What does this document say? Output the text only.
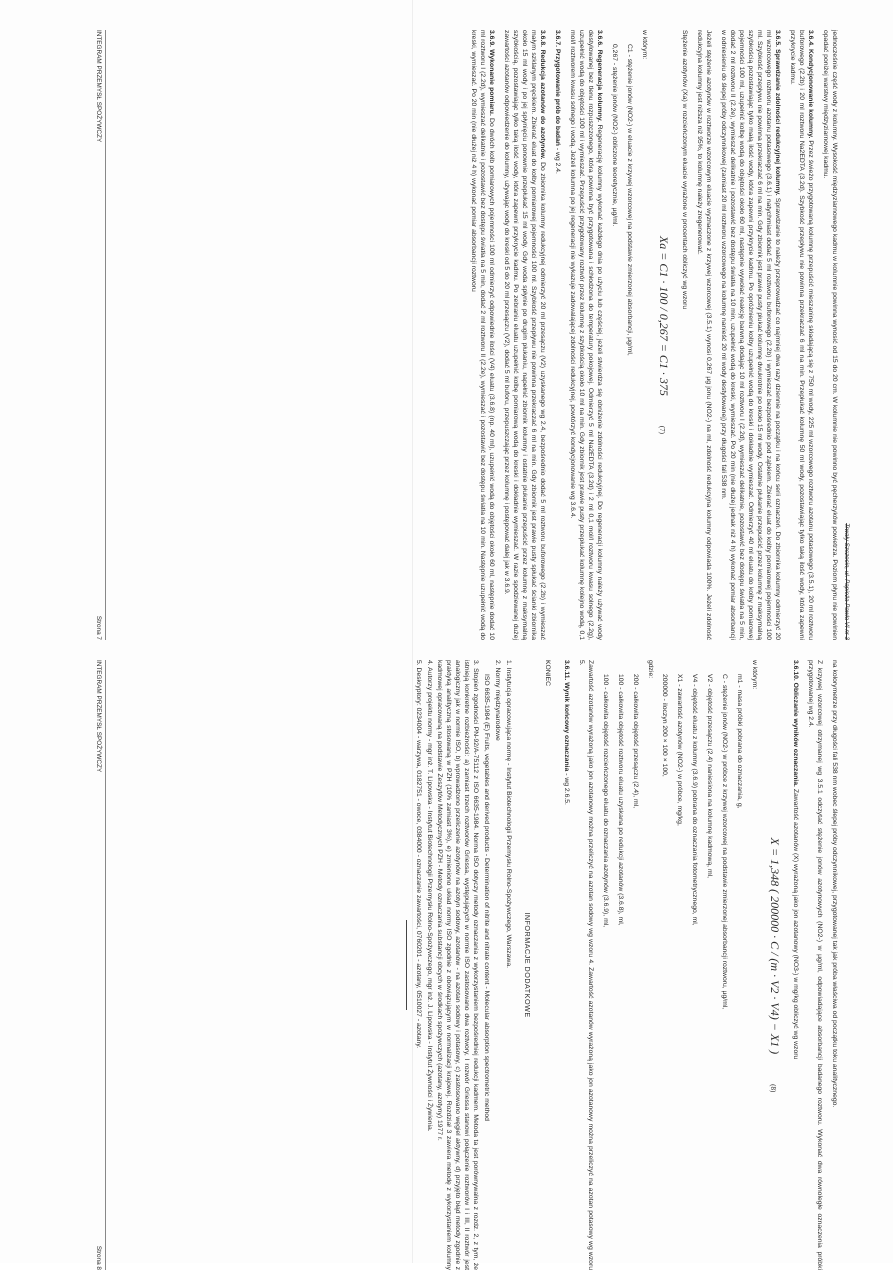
Trwały Szczecin, ul. Papieża Pawła VI nr 3

jednocześnie część wody z kolumny. Wysokość międzyziarnowego kadmu w kolumnie powinna wynosić od 15 do 20 cm. W kolumnie nie powinno być pęcherzyków powietrza. Poziom płynu nie powinien opadać poniżej warstwy międzyziarnowej kadmu.

3.6.4. Kondycjonowanie kolumny. Przez świeżo przygotowaną kolumnę przepuścić mieszaninę składającą się z 750 ml wody, 225 ml wzorcowego roztworu azotanu potasowego (3.5.1), 20 ml roztworu buforowego (2.2b) i 20 ml roztworu Na2EDTA (3.2d). Szybkość przepływu nie powinna przekraczać 6 ml na min. Przepłukać kolumnę 50 ml wody, pozostawiając tylko taką ilość wody, która zapewni przykrycie kadmu.

3.6.5. Sprawdzanie zdolności redukcyjnej kolumny. Sprawdzanie to należy przeprowadzać co najmniej dwa razy dziennie na początku i na końcu serii oznaczeń. Do zbiornika kolumny odmierzyć 20 ml wzorcowego roztworu azotanu potasowego (3.6.1) i natychmiast dodać 5 ml roztworu buforowego (2.2b) i wymieszać bezpośrednio pod ząbkiem. Zbierać eluat do kolby pomiarowej pojemności 100 ml. Szybkość przepływu nie powinna przekraczać 6 ml na min. Gdy zbiornik jest prawie pusty płukać kolumnę dwukrotnie po około 15 ml wody. Ostatnie płukanie przepuścić przez kolumnę z maksymalną szybkością pozostawiając tylko małą ilość wody, która zapewni przykrycie kadmu. Po opróżnieniu kolby uzupełnić wodą do kreski i dokładnie wymieszać. Odmierzyć 40 ml eluatu do kolby pomiarowej pojemności 100 ml, uzupełnić kolbę wodą do objętości około 60 ml, następnie wywołać reakcję barwną dodając 10 ml roztworu I (2.2d), wymieszać delikatnie, pozostawić bez dostępu światła na 5 min, dodać 2 ml roztworu II (2.2e), wymieszać delikatnie i pozostawić bez dostępu światła na 10 min, uzupełnić wodą do kreski, wymieszać. Po 20 min (nie dłużej jednak niż 4 h) wykonać pomiar absorbancji w odniesieniu do ślepej próby odczynnikowej (zamiast 20 ml roztworu wzorcowego na kolumnę nanieść 20 ml wody destylowanej) przy długości fali 538 nm.

Jeżeli stężenie azotynów w roztworze wzorcowym eluacie wyznaczone z krzywej wzorcowej (3.5.1) wynosi 0,267 µg jonu (NO2-) na ml, zdolność redukcyjna kolumny odpowiada 100%. Jeżeli zdolność redukcyjna kolumny jest niższa niż 95%, to kolumnę należy zregenerować.

Stężenie azotynów (Xa) w rozcieńczonym eluacie wyrażone w procentach obliczyć wg wzoru

Xa = C1 · 100 / 0,267 = C1 · 375(7)

w którym:

C1 - stężenie jonów (NO2-) w eluacie z krzywej wzorcowej na podstawie zmierzonej absorbancji, µg/ml,

0,267 - stężenie jonów (NO2-) obliczone teoretycznie, µg/ml.

3.6.6. Regeneracja kolumny. Regenerację kolumny wykonać każdego dnia po użyciu lub częściej, jeżeli stwierdza się obniżenie zdolności redukcyjnej. Do regeneracji kolumny należy używać wody destylowanej bez tlenu rozpuszczonego, która powinna być przygotowana i schłodzona do temperatury pokojowej. Odmierzyć 5 ml Na2EDTA (3.2d) i 2 ml 0,1 mol/l roztworu kwasu solnego (2.2g), uzupełnić wodą do objętości 100 ml i wymieszać. Przepuścić przygotowany roztwór przez kolumnę z szybkością około 10 ml na min. Gdy zbiornik jest prawie pusty przepłukać kolumnę kolejno wodą, 0,1 mol/l roztworem kwasu solnego i wodą. Jeżeli kolumna po jej regeneracji nie wykazuje zadowalającej zdolności redukcyjnej, powtórzyć kondycjonowanie wg 3.6.4.

3.6.7. Przygotowanie prób do badań - wg 2.4.

3.6.8. Redukcja azotanów do azotynów. Do zbiornika kolumny redukcyjnej odmierzyć 20 ml przesączu (V2) uzyskanego wg 2.4, bezpośrednio dodać 5 ml roztworu buforowego (2.2b) i wymieszać małym szklanym pręcikiem. Zbierać eluat do kolby pomiarowej pojemności 100 ml. Szybkość przepływu nie powinna przekraczać 6 ml na min. Gdy zbiornik jest prawie pusty spłukać ścianki zbiornika około 15 ml wody i po jej spłynięciu ponownie przepłukać 15 ml wody. Gdy woda spłynie po drugim płukaniu, napełnić zbiornik kolumny i ostatnie płukanie przepuścić przez kolumnę z maksymalną szybkością, pozostawiając tylko taką ilość wody, która zapewni przykrycie kadmu. Po zebraniu eluatu uzupełnić kolbę pomiarową wodą do kreski i dokładnie wymieszać. W razie spodziewanej dużej zawartości azotanów odpowiedzenie do kolumny, używając wody do kreski od 5 do 20 ml przesączu (V2), dodać 5 ml buforu, przepuszczając przez kolumnę i postępować dalej jak w 3.6.9.

3.6.9. Wykonanie pomiaru. Do dwóch kolb pomiarowych pojemności 100 ml odmierzyć odpowiednie ilości (V4) eluatu (3.6.8) (np. 40 ml), uzupełnić wodą do objętości około 60 ml, następnie dodać 10 ml roztworu I (2.2d), wymieszać delikatnie i pozostawić bez dostępu światła na 5 min, dodać 2 ml roztworu II (2.2e), wymieszać i pozostawić bez dostępu światła na 10 min. Następnie uzupełnić wodą do kreski, wymieszać. Po 20 min (nie dłużej niż 4 h) wykonać pomiar absorbancji roztworu

INTEGRAM PRZEMYSŁ SPOŻYWCZY
Strona 7

na kolorymetrze przy długości fali 538 nm wobec ślepej próby odczynnikowej, przygotowanej tak jak próba właściwa od początku toku analitycznego.

Z krzywej wzorcowej otrzymanej wg 3.5.1 odczytać stężenie jonów azotynowych (NO2-) w µg/ml, odpowiadające absorbancji badanego roztworu. Wykonać dwa równoległe oznaczenia próbki przygotowanej wg 2.4.

3.6.10. Obliczanie wyników oznaczania. Zawartość azotanów (X) wyrażoną jako jon azotanowy (NO3-) w mg/kg obliczyć wg wzoru

X = 1,348 ( 200000 · C / (m · V2 · V4) − X1 )(8)

w którym:

m1 - masa próbki pobrana do oznaczania, g,

C - stężenie jonów (NO2-) w próbce z krzywej wzorcowej na podstawie zmierzonej absorbancji roztworu, µg/ml,

V2 - objętość przesączu (2.4) naniesiona na kolumnę kadmową, ml,

V4 - objętość eluatu z kolumny (3.6.9) pobrana do oznaczania fotometrycznego, ml,

X1 - zawartość azotynów (NO2-) w próbce, mg/kg,

200000 - iloczyn 200 × 100 × 100,

gdzie:

200 - całkowita objętość przesączu (2.4), ml,

100 - całkowita objętość roztworu eluatu uzyskana po redukcji azotanów (3.6.8), ml,

100 - całkowita objętość rozcieńczonego eluatu do oznaczania azotynów (3.6.9), ml,

Zawartość azotanów wyrażoną jako jon azotanowy można przeliczyć na azotan sodowy wg wzoru 4. Zawartość azotanów wyrażoną jako jon azotanowy można przeliczyć na azotan potasowy wg wzoru 5.

3.6.11. Wynik końcowy oznaczania - wg 2.6.5.

KONIEC

INFORMACJE DODATKOWE

1. Instytucja opracowująca normę - Instytut Biotechnologii Przemysłu Rolno-Spożywczego, Warszawa.

2. Normy międzynarodowe

ISO 6635-1984 (E) Fruits, vegetables and derived products - Determination of nitrite and nitrate content - Molecular absorption spectrometric method

3. Stopień zgodności PN-92/A-75112 z ISO 6635-1984. Norma ISO dotyczy metody oznaczania z wykorzystaniem bezpośredniej redukcji kadmem. Metoda ta jest porównywalna z rozdz. 2, z tym, że istnieją konkretne rozbieżności: a) zamiast trzech roztworów Griessa, występujących w normie ISO zastosowano dwa roztwory, I rozwór Griessa stanowi połączenie roztworów I i III, II roztwór jest analogiczny jak w normie ISO, b) wprowadzono przeliczenie azotynów na azotyn sodowy, azotanów - na azotan sodowy i potasowy, c) zastosowano węgiel aktywny, d) przyjęto błąd metody zgodnie z praktyką analityczną stosowaną w PZH (10% zamiast 3%), e) zmieniono układ normy ISO zgodnie z obowiązującym w normalizacji krajowej. Rozdział 3 zawiera metodę z wykorzystaniem kolumny kadmowej opracowaną na podstawie Zeszytów Metodycznych PZH - Metody oznaczania substancji obcych w środkach spożywczych (azotany, azotyny) 1977 r.

4. Autorzy projektu normy - mgr inż. T. Lipowska - Instytut Biotechnologii Przemysłu Rolno-Spożywczego, mgr inż. J. Lipowska - Instytut Żywności i Żywienia.

5. Deskryptory: 0234004 - warzywa, 0182751 - owoce, 0384000 - oznaczanie zawartości, 0760201 - azotany, 0510027 - azotany.

INTEGRAM PRZEMYSŁ SPOŻYWCZY
Strona 8
